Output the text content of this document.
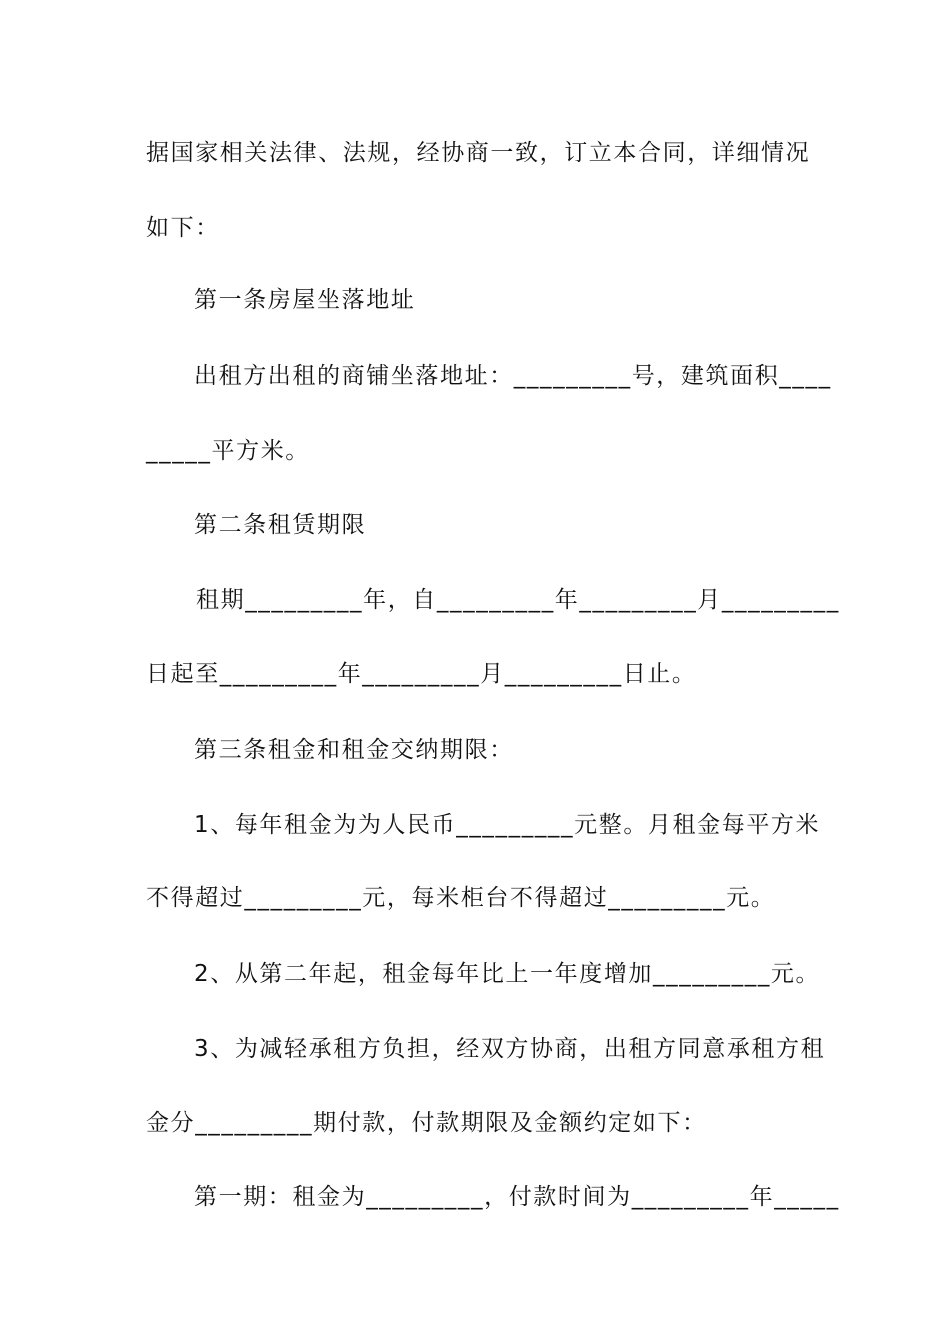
据国家相关法律、法规，经协商一致，订立本合同，详细情况
如下：
第一条房屋坐落地址
出租方出租的商铺坐落地址：_________号，建筑面积____
_____平方米。
第二条租赁期限
租期_________年，自_________年_________月_________
日起至_________年_________月_________日止。
第三条租金和租金交纳期限：
1、每年租金为为人民币_________元整。月租金每平方米
不得超过_________元，每米柜台不得超过_________元。
2、从第二年起，租金每年比上一年度增加_________元。
3、为减轻承租方负担，经双方协商，出租方同意承租方租
金分_________期付款，付款期限及金额约定如下：
第一期：租金为_________，付款时间为_________年_____
